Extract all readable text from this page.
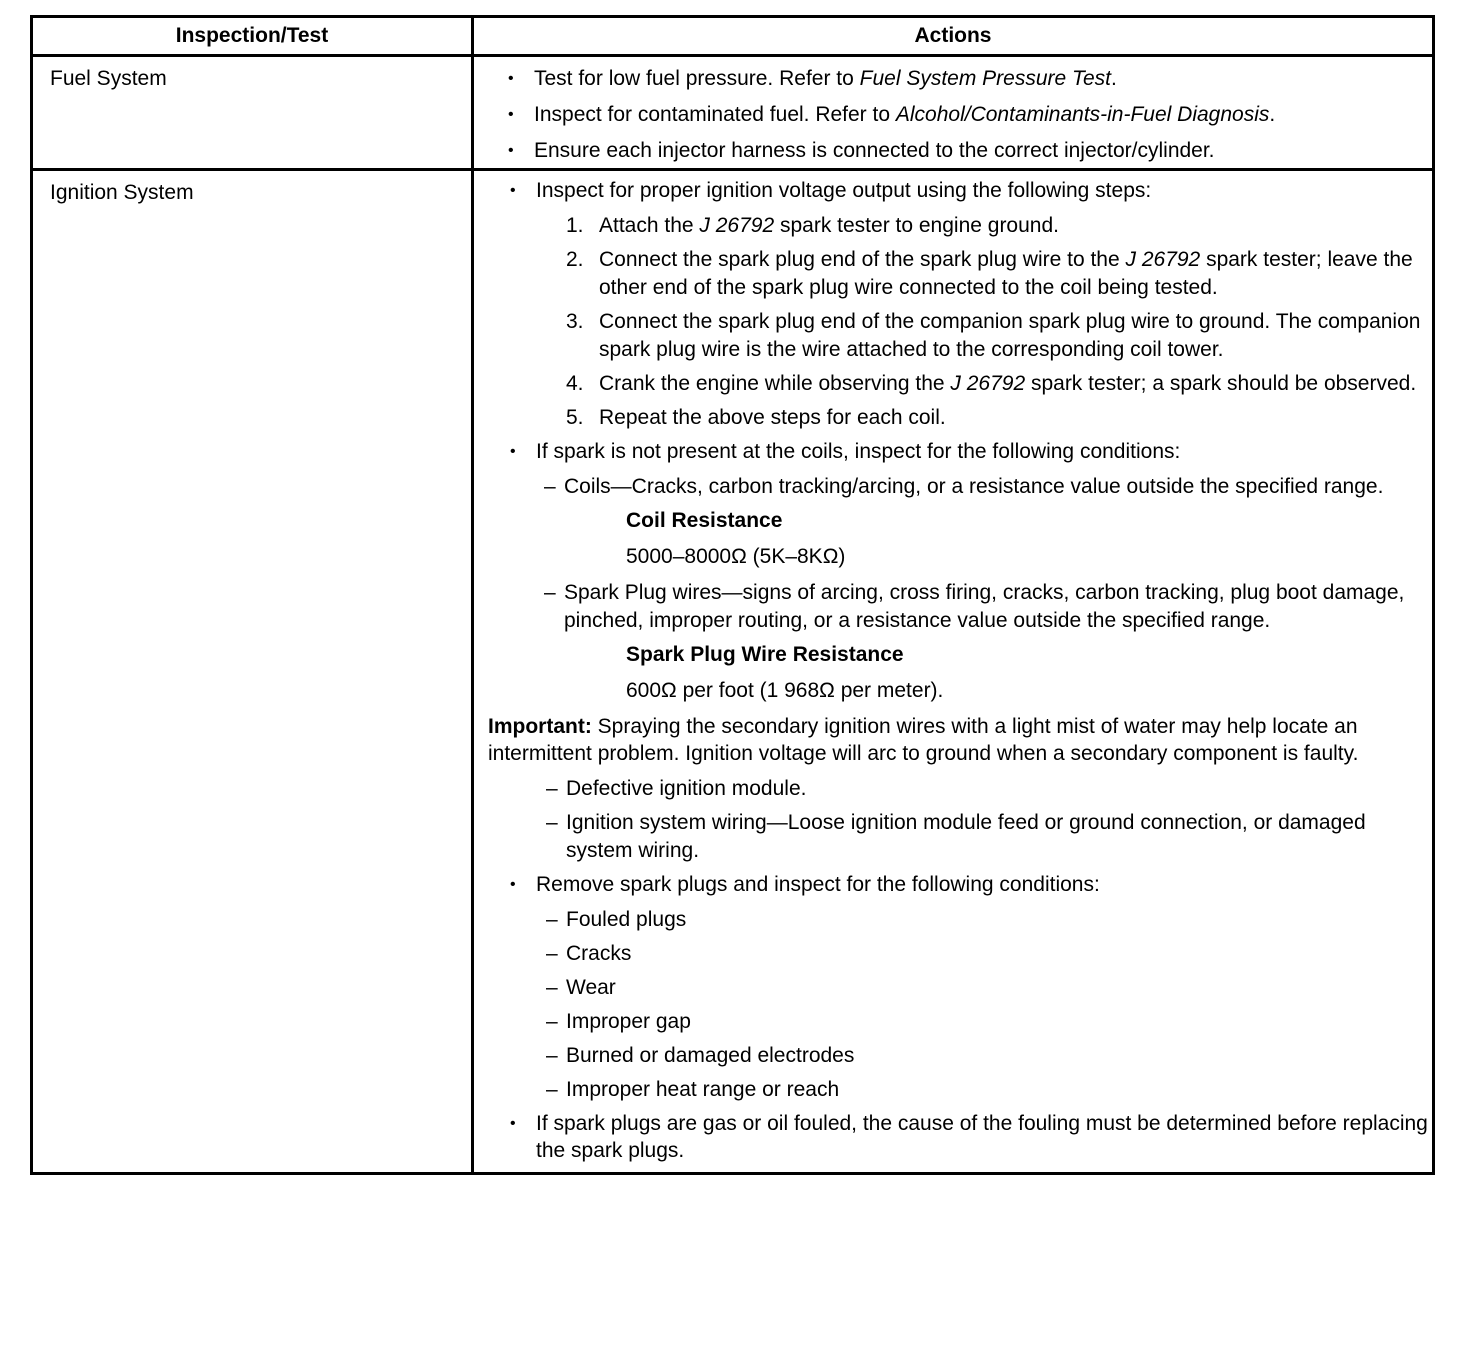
Inspection/Test	Actions
Fuel System	• Test for low fuel pressure. Refer to Fuel System Pressure Test.
• Inspect for contaminated fuel. Refer to Alcohol/Contaminants-in-Fuel Diagnosis.
• Ensure each injector harness is connected to the correct injector/cylinder.
Ignition System	• Inspect for proper ignition voltage output using the following steps:
1. Attach the J 26792 spark tester to engine ground.
2. Connect the spark plug end of the spark plug wire to the J 26792 spark tester; leave the other end of the spark plug wire connected to the coil being tested.
3. Connect the spark plug end of the companion spark plug wire to ground. The companion spark plug wire is the wire attached to the corresponding coil tower.
4. Crank the engine while observing the J 26792 spark tester; a spark should be observed.
5. Repeat the above steps for each coil.
• If spark is not present at the coils, inspect for the following conditions:
– Coils—Cracks, carbon tracking/arcing, or a resistance value outside the specified range.
Coil Resistance
5000–8000Ω (5K–8KΩ)
– Spark Plug wires—signs of arcing, cross firing, cracks, carbon tracking, plug boot damage, pinched, improper routing, or a resistance value outside the specified range.
Spark Plug Wire Resistance
600Ω per foot (1 968Ω per meter).
Important: Spraying the secondary ignition wires with a light mist of water may help locate an intermittent problem. Ignition voltage will arc to ground when a secondary component is faulty.
– Defective ignition module.
– Ignition system wiring—Loose ignition module feed or ground connection, or damaged system wiring.
• Remove spark plugs and inspect for the following conditions:
– Fouled plugs
– Cracks
– Wear
– Improper gap
– Burned or damaged electrodes
– Improper heat range or reach
• If spark plugs are gas or oil fouled, the cause of the fouling must be determined before replacing the spark plugs.
